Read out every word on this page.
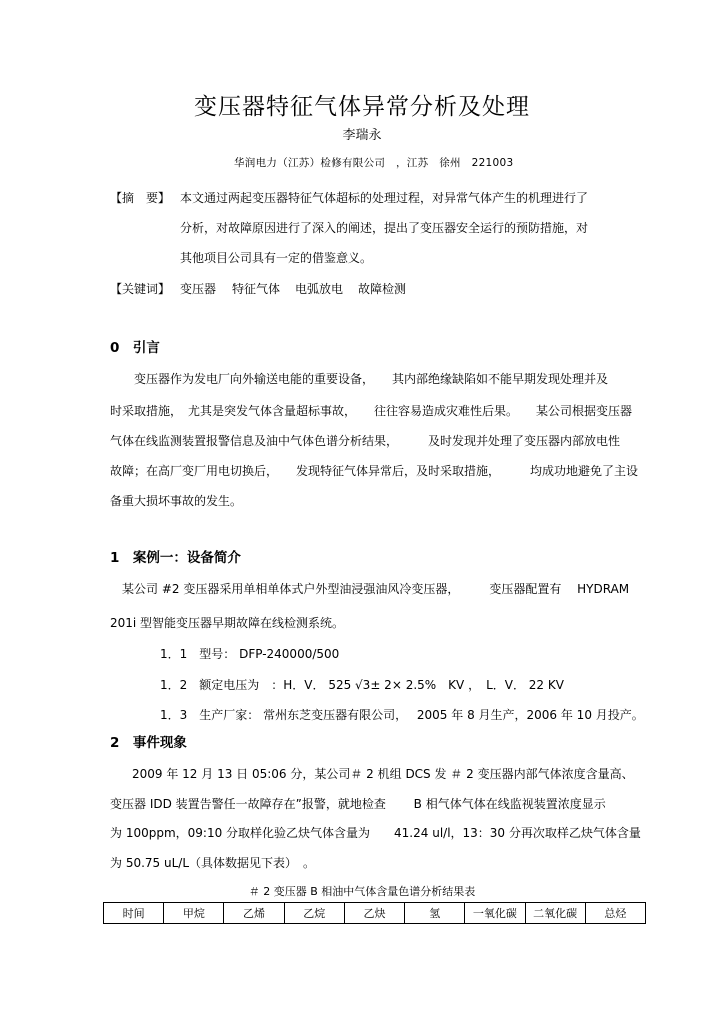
变压器特征气体异常分析及处理
李瑞永
华润电力（江苏）检修有限公司　，江苏　徐州　221003
【摘　要】 本文通过两起变压器特征气体超标的处理过程，对异常气体产生的机理进行了
分析，对故障原因进行了深入的阐述，提出了变压器安全运行的预防措施，对
其他项目公司具有一定的借鉴意义。
【关键词】 变压器 特征气体 电弧放电 故障检测
0　引言
变压器作为发电厂向外输送电能的重要设备，　　其内部绝缘缺陷如不能早期发现处理并及
时采取措施，　尤其是突发气体含量超标事故，　　往往容易造成灾难性后果。　　某公司根据变压器
气体在线监测装置报警信息及油中气体色谱分析结果，　　　及时发现并处理了变压器内部放电性
故障；在高厂变厂用电切换后，　　发现特征气体异常后，及时采取措施，　　　均成功地避免了主设
备重大损坏事故的发生。
1　案例一：设备简介
某公司 #2 变压器采用单相单体式户外型油浸强油风冷变压器，　　　变压器配置有　 HYDRAM
201i 型智能变压器早期故障在线检测系统。
1．1　型号： DFP-240000/500
1．2　额定电压为　：H．V． 525 √3± 2× 2.5%　KV ，　L．V． 22 KV
1．3　生产厂家： 常州东芝变压器有限公司，　 2005 年 8 月生产，2006 年 10 月投产。
2　事件现象
2009 年 12 月 13 日 05:06 分，某公司＃ 2 机组 DCS 发 ＃ 2 变压器内部气体浓度含量高、
变压器 IDD 装置告警任一故障存在”报警，就地检查　　 B 相气体气体在线监视装置浓度显示
为 100ppm，09:10 分取样化验乙炔气体含量为　　41.24 ul/l，13：30 分再次取样乙炔气体含量
为 50.75 uL/L（具体数据见下表）　。
＃ 2 变压器 B 相油中气体含量色谱分析结果表
时间	甲烷	乙烯	乙烷	乙炔	氢	一氧化碳	二氧化碳	总烃
